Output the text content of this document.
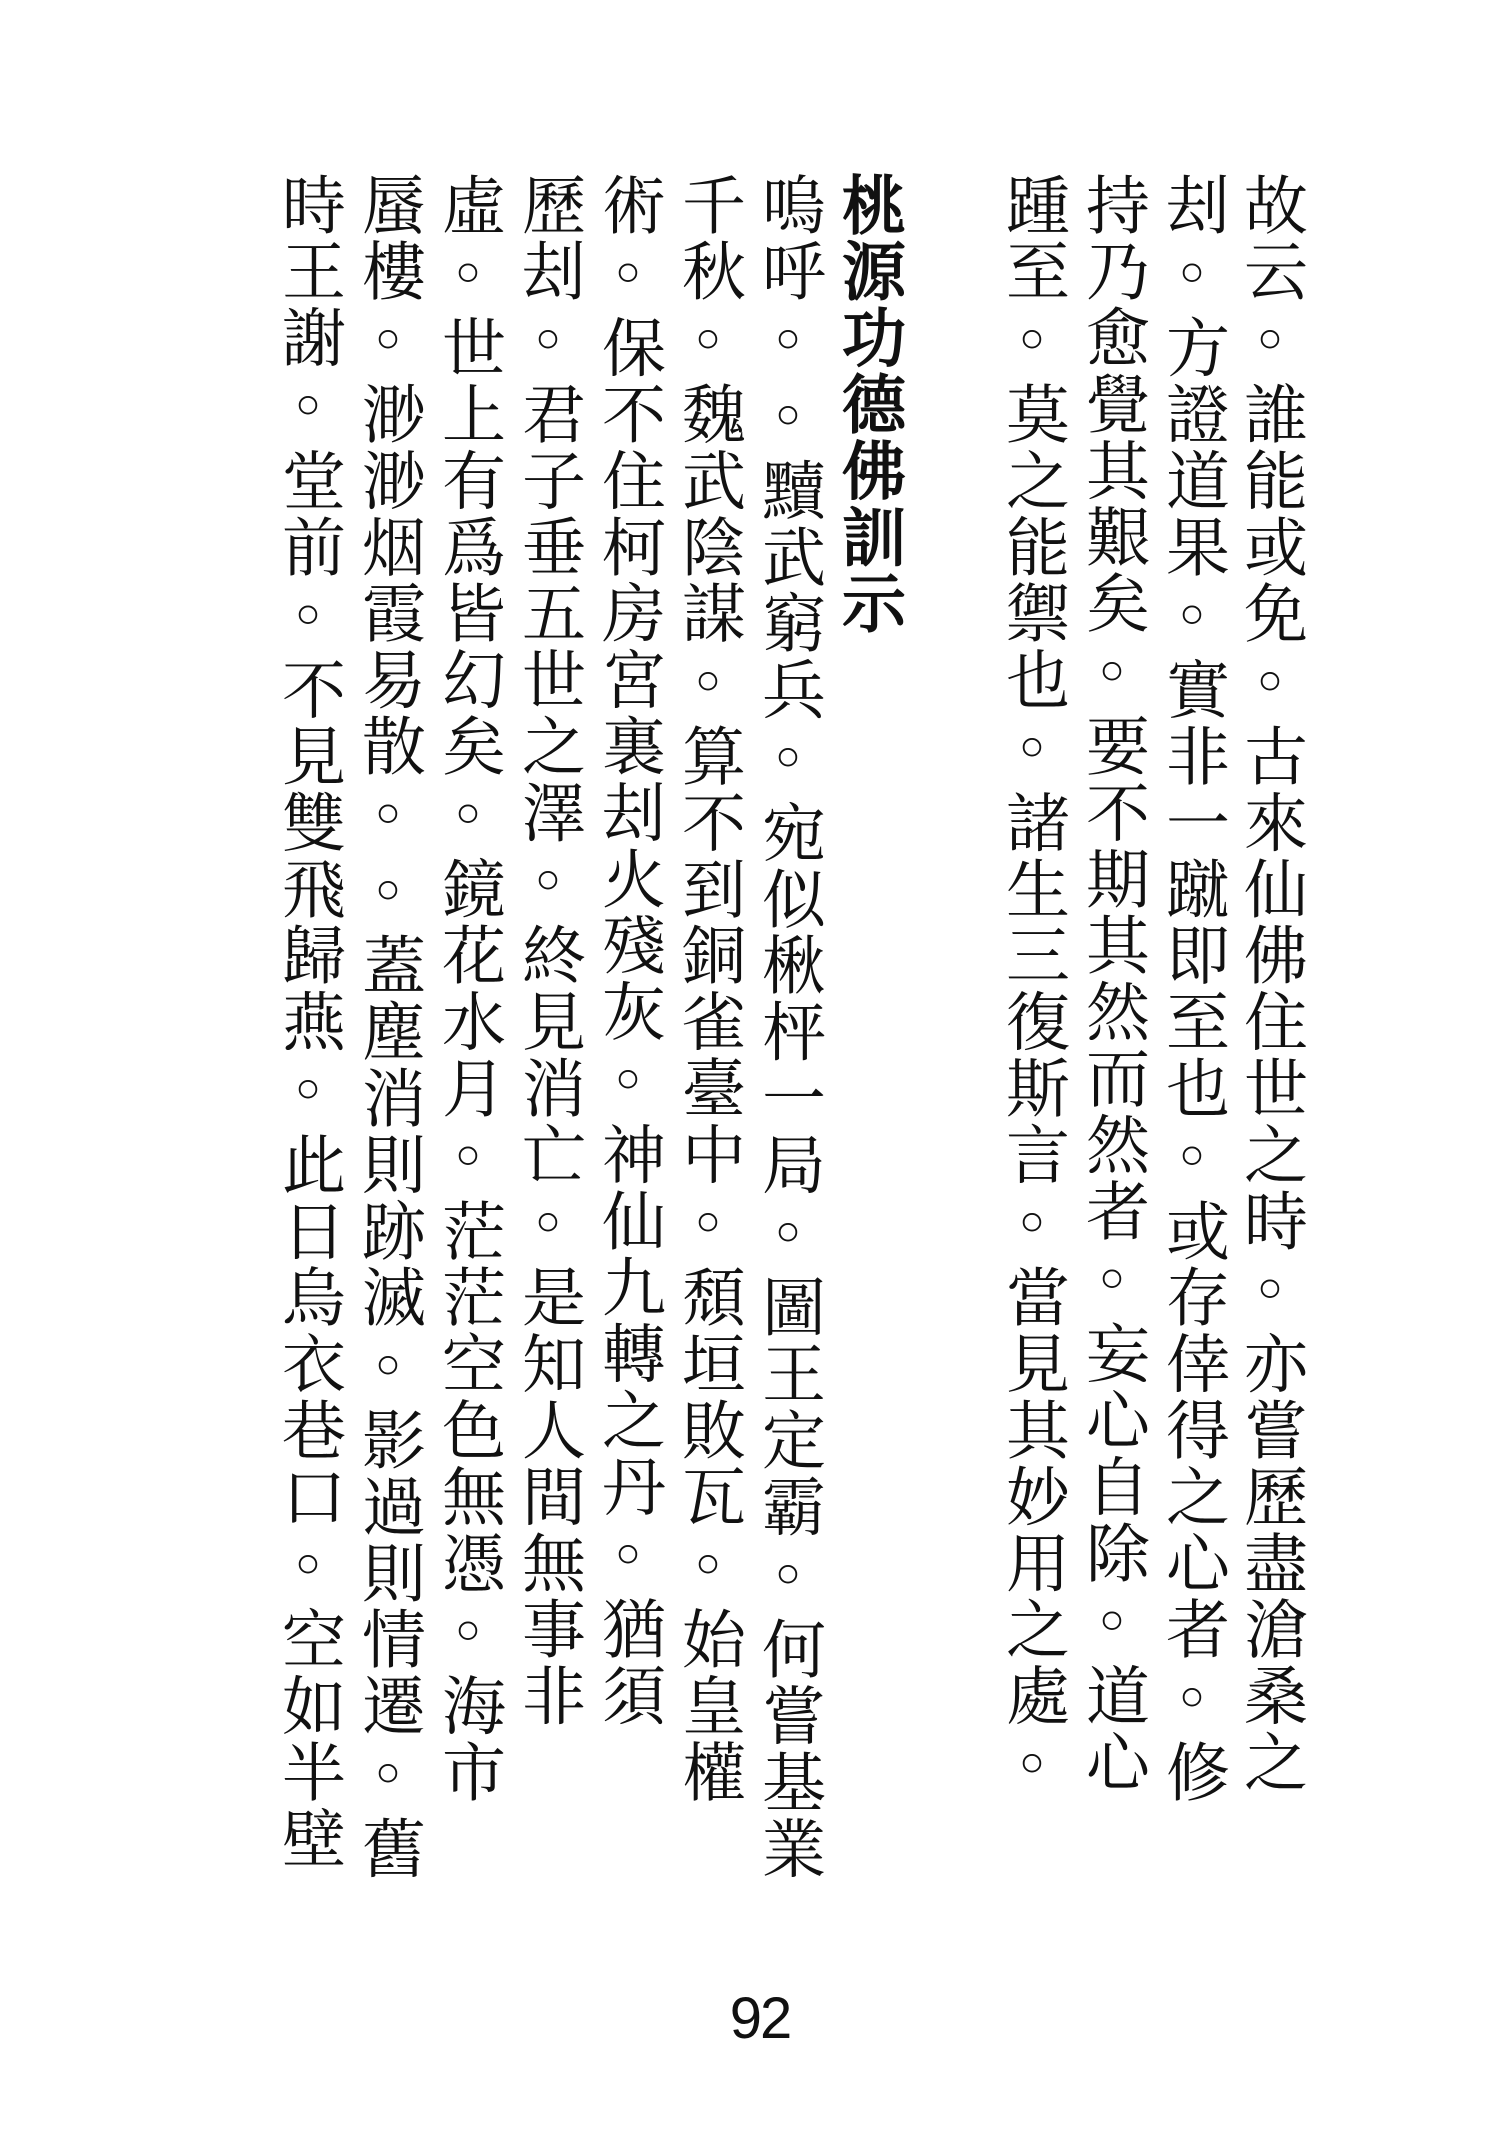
故云◦誰能或免◦古來仙佛住世之時◦亦嘗歷盡滄桑之
刦◦方證道果◦實非一蹴即至也◦或存倖得之心者◦修
持乃愈覺其艱矣◦要不期其然而然者◦妄心自除◦道心
踵至◦莫之能禦也◦諸生三復斯言◦當見其妙用之處◦
桃源功德佛訓示
嗚呼◦◦黷武窮兵◦宛似楸枰一局◦圖王定霸◦何嘗基業
千秋◦魏武陰謀◦算不到銅雀臺中◦頹垣敗瓦◦始皇權
術◦保不住柯房宮裏刦火殘灰◦神仙九轉之丹◦猶須
歷刦◦君子垂五世之澤◦終見消亡◦是知人間無事非
虛◦世上有爲皆幻矣◦鏡花水月◦茫茫空色無憑◦海市
蜃樓◦渺渺烟霞易散◦◦蓋塵消則跡滅◦影過則情遷◦舊
時王謝◦堂前◦不見雙飛歸燕◦此日烏衣巷口◦空如半壁
92
